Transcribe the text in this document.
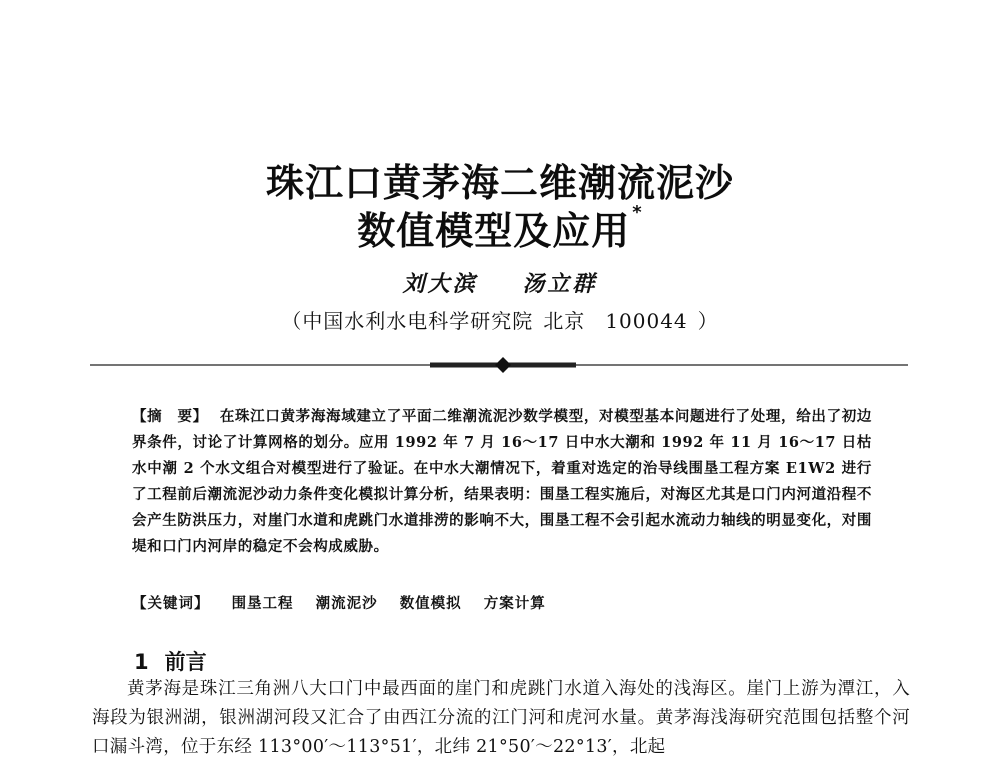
珠江口黄茅海二维潮流泥沙
数值模型及应用 *
刘大滨 汤立群
（中国水利水电科学研究院 北京 100044 ）
【摘　要】 在珠江口黄茅海海域建立了平面二维潮流泥沙数学模型，对模型基本问题进行了处理，给出了初边界条件，讨论了计算网格的划分。应用 1992 年 7 月 16～17 日中水大潮和 1992 年 11 月 16～17 日枯水中潮 2 个水文组合对模型进行了验证。在中水大潮情况下，着重对选定的治导线围垦工程方案 E1W2 进行了工程前后潮流泥沙动力条件变化模拟计算分析，结果表明：围垦工程实施后，对海区尤其是口门内河道沿程不会产生防洪压力，对崖门水道和虎跳门水道排涝的影响不大，围垦工程不会引起水流动力轴线的明显变化，对围堤和口门内河岸的稳定不会构成威胁。
【关键词】 围垦工程 潮流泥沙 数值模拟 方案计算
1 前言
黄茅海是珠江三角洲八大口门中最西面的崖门和虎跳门水道入海处的浅海区。崖门上游为潭江，入海段为银洲湖，银洲湖河段又汇合了由西江分流的江门河和虎河水量。黄茅海浅海研究范围包括整个河口漏斗湾，位于东经 113°00′～113°51′，北纬 21°50′～22°13′，北起
